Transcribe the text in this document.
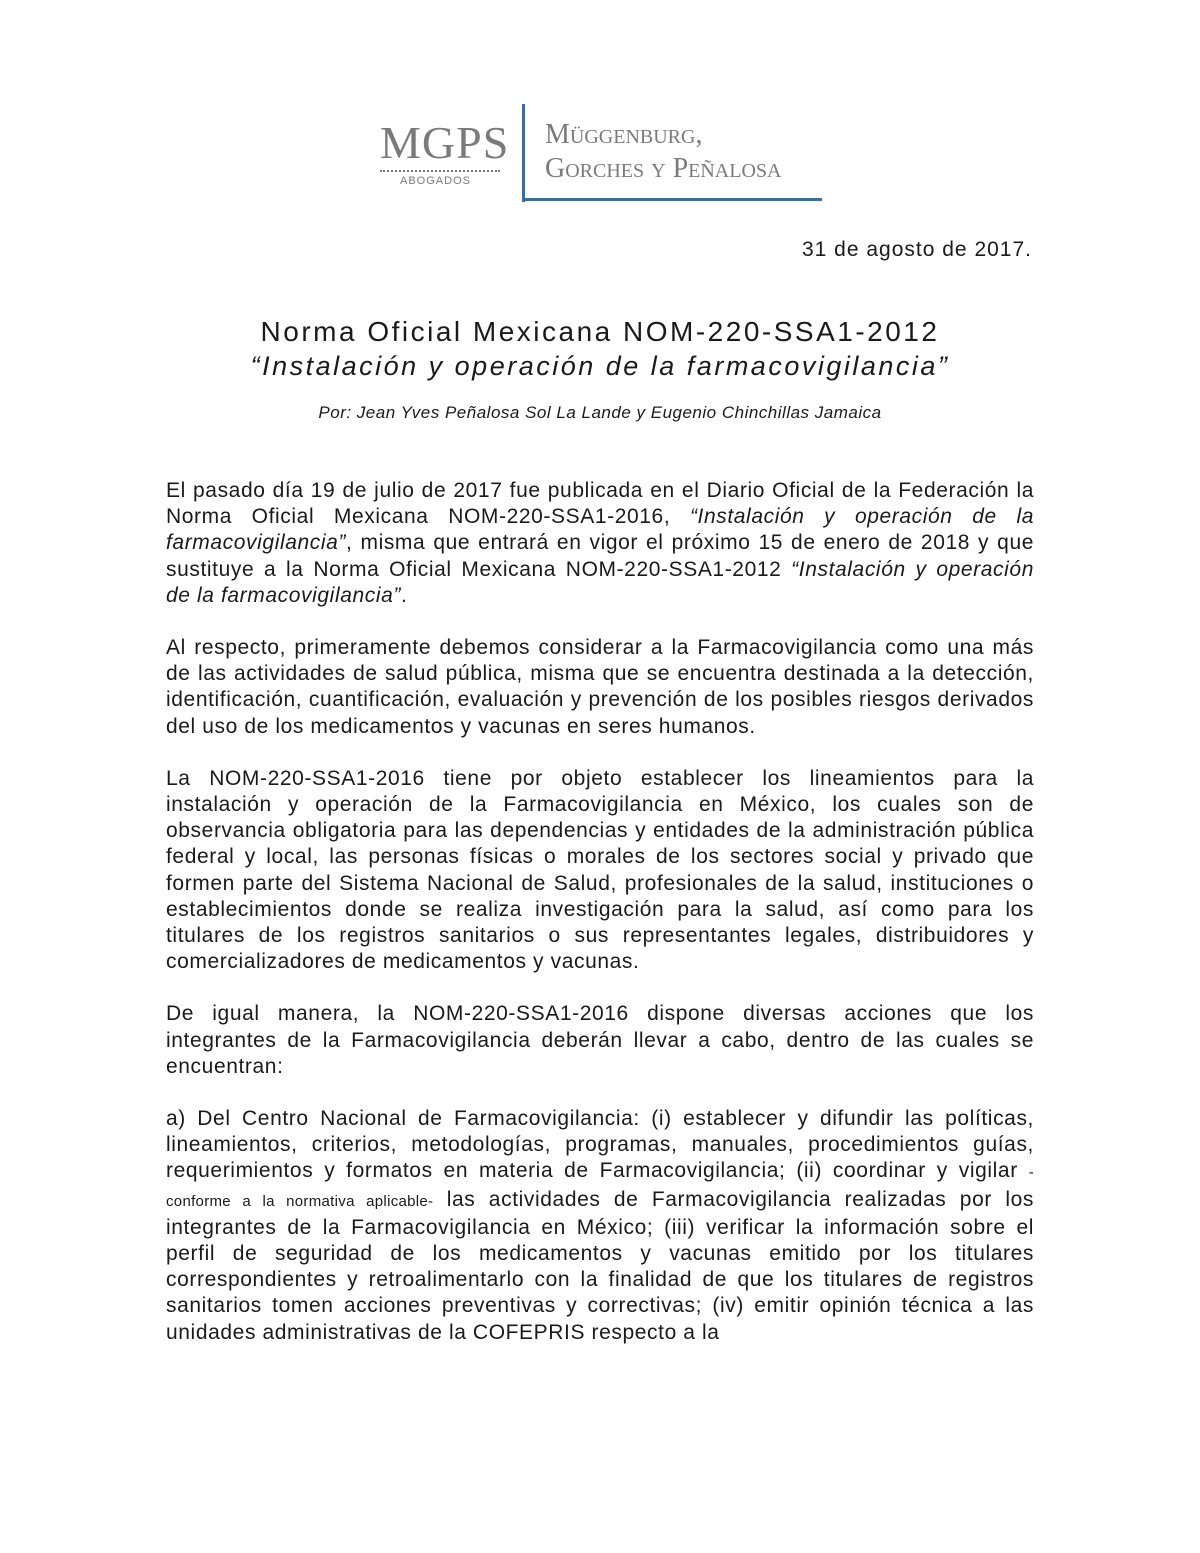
MGPS
ABOGADOS
Müggenburg,
Gorches y Peñalosa
31 de agosto de 2017.
Norma Oficial Mexicana NOM-220-SSA1-2012
“Instalación y operación de la farmacovigilancia”
Por: Jean Yves Peñalosa Sol La Lande y Eugenio Chinchillas Jamaica

El pasado día 19 de julio de 2017 fue publicada en el Diario Oficial de la Federación la Norma Oficial Mexicana NOM-220-SSA1-2016, “Instalación y operación de la farmacovigilancia”, misma que entrará en vigor el próximo 15 de enero de 2018 y que sustituye a la Norma Oficial Mexicana NOM-220-SSA1-2012 “Instalación y operación de la farmacovigilancia”.

Al respecto, primeramente debemos considerar a la Farmacovigilancia como una más de las actividades de salud pública, misma que se encuentra destinada a la detección, identificación, cuantificación, evaluación y prevención de los posibles riesgos derivados del uso de los medicamentos y vacunas en seres humanos.

La NOM-220-SSA1-2016 tiene por objeto establecer los lineamientos para la instalación y operación de la Farmacovigilancia en México, los cuales son de observancia obligatoria para las dependencias y entidades de la administración pública federal y local, las personas físicas o morales de los sectores social y privado que formen parte del Sistema Nacional de Salud, profesionales de la salud, instituciones o establecimientos donde se realiza investigación para la salud, así como para los titulares de los registros sanitarios o sus representantes legales, distribuidores y comercializadores de medicamentos y vacunas.

De igual manera, la NOM-220-SSA1-2016 dispone diversas acciones que los integrantes de la Farmacovigilancia deberán llevar a cabo, dentro de las cuales se encuentran:

a) Del Centro Nacional de Farmacovigilancia: (i) establecer y difundir las políticas, lineamientos, criterios, metodologías, programas, manuales, procedimientos guías, requerimientos y formatos en materia de Farmacovigilancia; (ii) coordinar y vigilar -conforme a la normativa aplicable- las actividades de Farmacovigilancia realizadas por los integrantes de la Farmacovigilancia en México; (iii) verificar la información sobre el perfil de seguridad de los medicamentos y vacunas emitido por los titulares correspondientes y retroalimentarlo con la finalidad de que los titulares de registros sanitarios tomen acciones preventivas y correctivas; (iv) emitir opinión técnica a las unidades administrativas de la COFEPRIS respecto a la
